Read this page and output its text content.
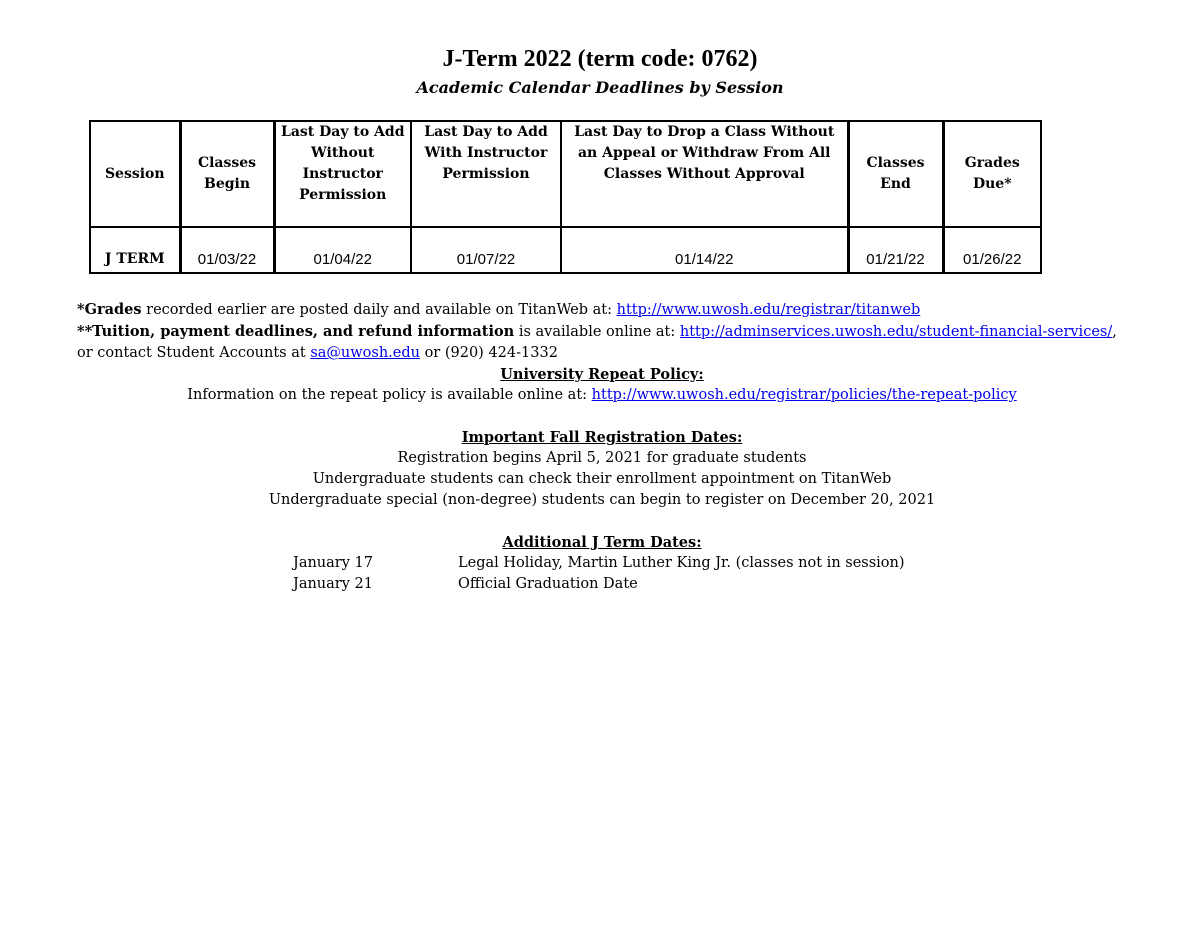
J-Term 2022 (term code: 0762)
Academic Calendar Deadlines by Session
Session	Classes Begin	Last Day to Add Without Instructor Permission	Last Day to Add With Instructor Permission	Last Day to Drop a Class Without an Appeal or Withdraw From All Classes Without Approval	Classes End	Grades Due*
J TERM	01/03/22	01/04/22	01/07/22	01/14/22	01/21/22	01/26/22

*Grades recorded earlier are posted daily and available on TitanWeb at: http://www.uwosh.edu/registrar/titanweb

**Tuition, payment deadlines, and refund information is available online at: http://adminservices.uwosh.edu/student-financial-services/, or contact Student Accounts at sa@uwosh.edu or (920) 424-1332

University Repeat Policy:

Information on the repeat policy is available online at: http://www.uwosh.edu/registrar/policies/the-repeat-policy

Important Fall Registration Dates:

Registration begins April 5, 2021 for graduate students

Undergraduate students can check their enrollment appointment on TitanWeb

Undergraduate special (non-degree) students can begin to register on December 20, 2021

Additional J Term Dates:

January 17	Legal Holiday, Martin Luther King Jr. (classes not in session)
January 21	Official Graduation Date
